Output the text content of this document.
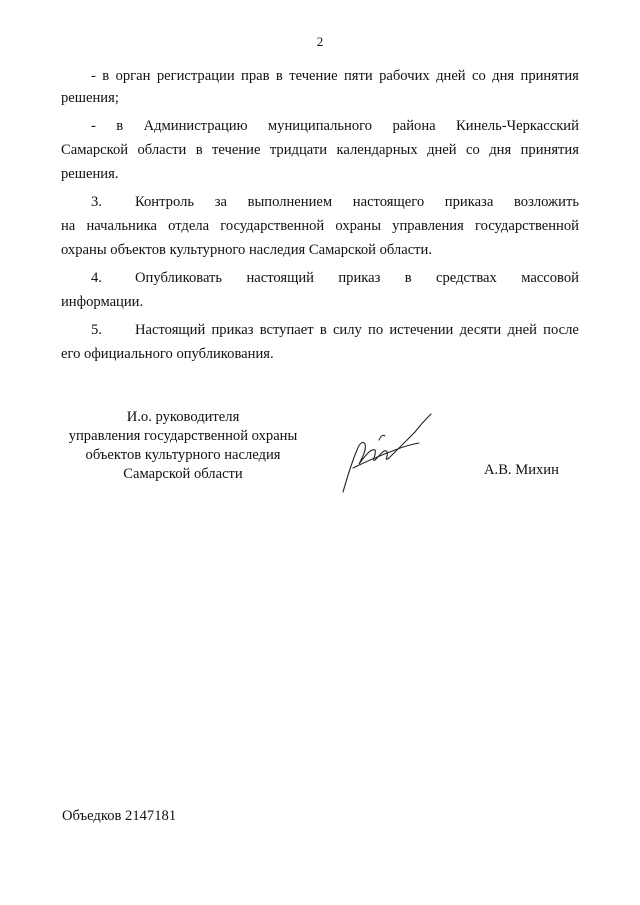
2
- в орган регистрации прав в течение пяти рабочих дней со дня принятия
решения;
- в Администрацию муниципального района Кинель-Черкасский
Самарской области в течение тридцати календарных дней со дня принятия
решения.
3. Контроль за выполнением настоящего приказа возложить
на начальника отдела государственной охраны управления государственной
охраны объектов культурного наследия Самарской области.
4. Опубликовать настоящий приказ в средствах массовой
информации.
5. Настоящий приказ вступает в силу по истечении десяти дней после
его официального опубликования.
И.о. руководителя
управления государственной охраны
объектов культурного наследия
Самарской области	А.В. Михин
Объедков 2147181
